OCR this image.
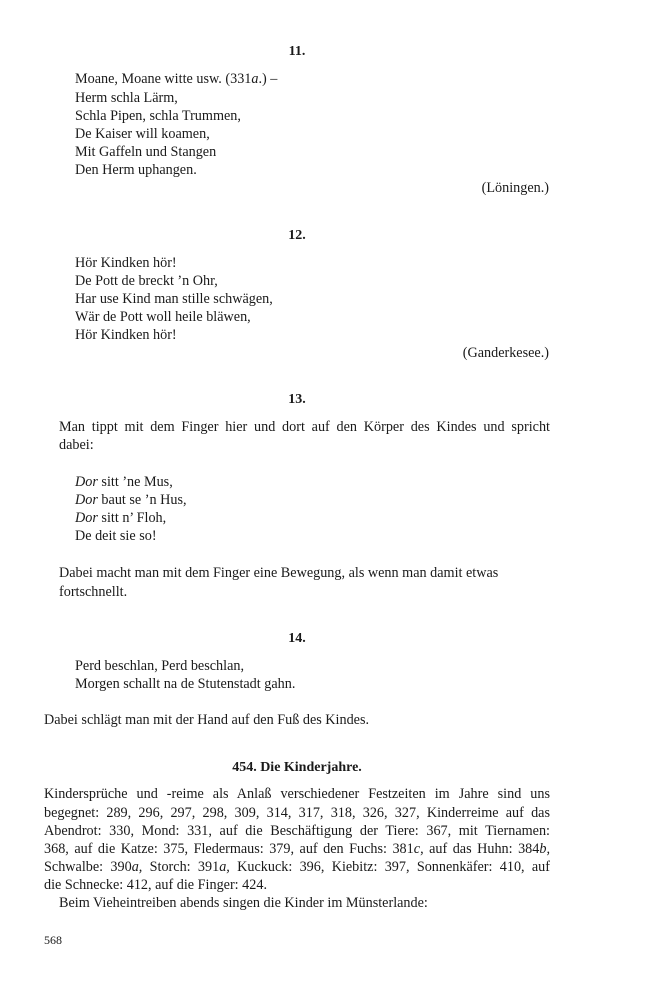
11.
Moane, Moane witte usw. (331a.) –
Herm schla Lärm,
Schla Pipen, schla Trummen,
De Kaiser will koamen,
Mit Gaffeln und Stangen
Den Herm uphangen.
(Löningen.)
12.
Hör Kindken hör!
De Pott de breckt ’n Ohr,
Har use Kind man stille schwägen,
Wär de Pott woll heile bläwen,
Hör Kindken hör!
(Ganderkesee.)
13.
Man tippt mit dem Finger hier und dort auf den Körper des Kindes und spricht
dabei:
Dor sitt ’ne Mus,
Dor baut se ’n Hus,
Dor sitt n’ Floh,
De deit sie so!
Dabei macht man mit dem Finger eine Bewegung, als wenn man damit etwas
fortschnellt.
14.
Perd beschlan, Perd beschlan,
Morgen schallt na de Stutenstadt gahn.
Dabei schlägt man mit der Hand auf den Fuß des Kindes.
454. Die Kinderjahre.
Kindersprüche und -reime als Anlaß verschiedener Festzeiten im Jahre sind uns
begegnet: 289, 296, 297, 298, 309, 314, 317, 318, 326, 327, Kinderreime auf das
Abendrot: 330, Mond: 331, auf die Beschäftigung der Tiere: 367, mit Tiernamen:
368, auf die Katze: 375, Fledermaus: 379, auf den Fuchs: 381c, auf das Huhn: 384b,
Schwalbe: 390a, Storch: 391a, Kuckuck: 396, Kiebitz: 397, Sonnenkäfer: 410, auf
die Schnecke: 412, auf die Finger: 424.
Beim Vieheintreiben abends singen die Kinder im Münsterlande:
568
